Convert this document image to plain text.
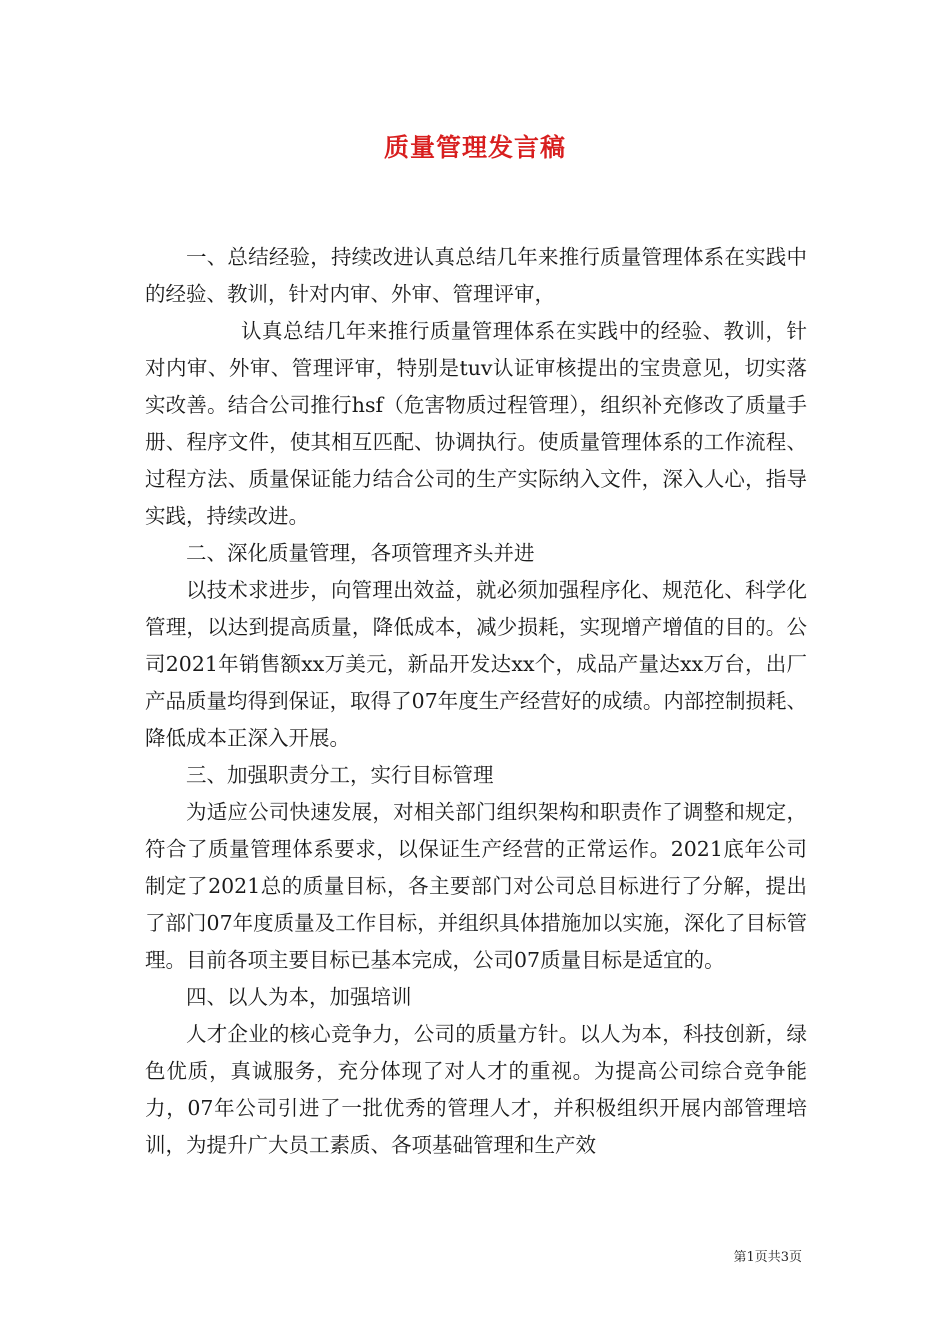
质量管理发言稿

一、总结经验，持续改进认真总结几年来推行质量管理体系在实践中的经验、教训，针对内审、外审、管理评审，

认真总结几年来推行质量管理体系在实践中的经验、教训，针对内审、外审、管理评审，特别是tuv认证审核提出的宝贵意见，切实落实改善。结合公司推行hsf（危害物质过程管理），组织补充修改了质量手册、程序文件，使其相互匹配、协调执行。使质量管理体系的工作流程、过程方法、质量保证能力结合公司的生产实际纳入文件，深入人心，指导实践，持续改进。

二、深化质量管理，各项管理齐头并进

以技术求进步，向管理出效益，就必须加强程序化、规范化、科学化管理，以达到提高质量，降低成本，减少损耗，实现增产增值的目的。公司2021年销售额xx万美元，新品开发达xx个，成品产量达xx万台，出厂产品质量均得到保证，取得了07年度生产经营好的成绩。内部控制损耗、降低成本正深入开展。

三、加强职责分工，实行目标管理

为适应公司快速发展，对相关部门组织架构和职责作了调整和规定，符合了质量管理体系要求，以保证生产经营的正常运作。2021底年公司制定了2021总的质量目标，各主要部门对公司总目标进行了分解，提出了部门07年度质量及工作目标，并组织具体措施加以实施，深化了目标管理。目前各项主要目标已基本完成，公司07质量目标是适宜的。

四、以人为本，加强培训

人才企业的核心竞争力，公司的质量方针。以人为本，科技创新，绿色优质，真诚服务，充分体现了对人才的重视。为提高公司综合竞争能力，07年公司引进了一批优秀的管理人才，并积极组织开展内部管理培训，为提升广大员工素质、各项基础管理和生产效

第1页共3页
